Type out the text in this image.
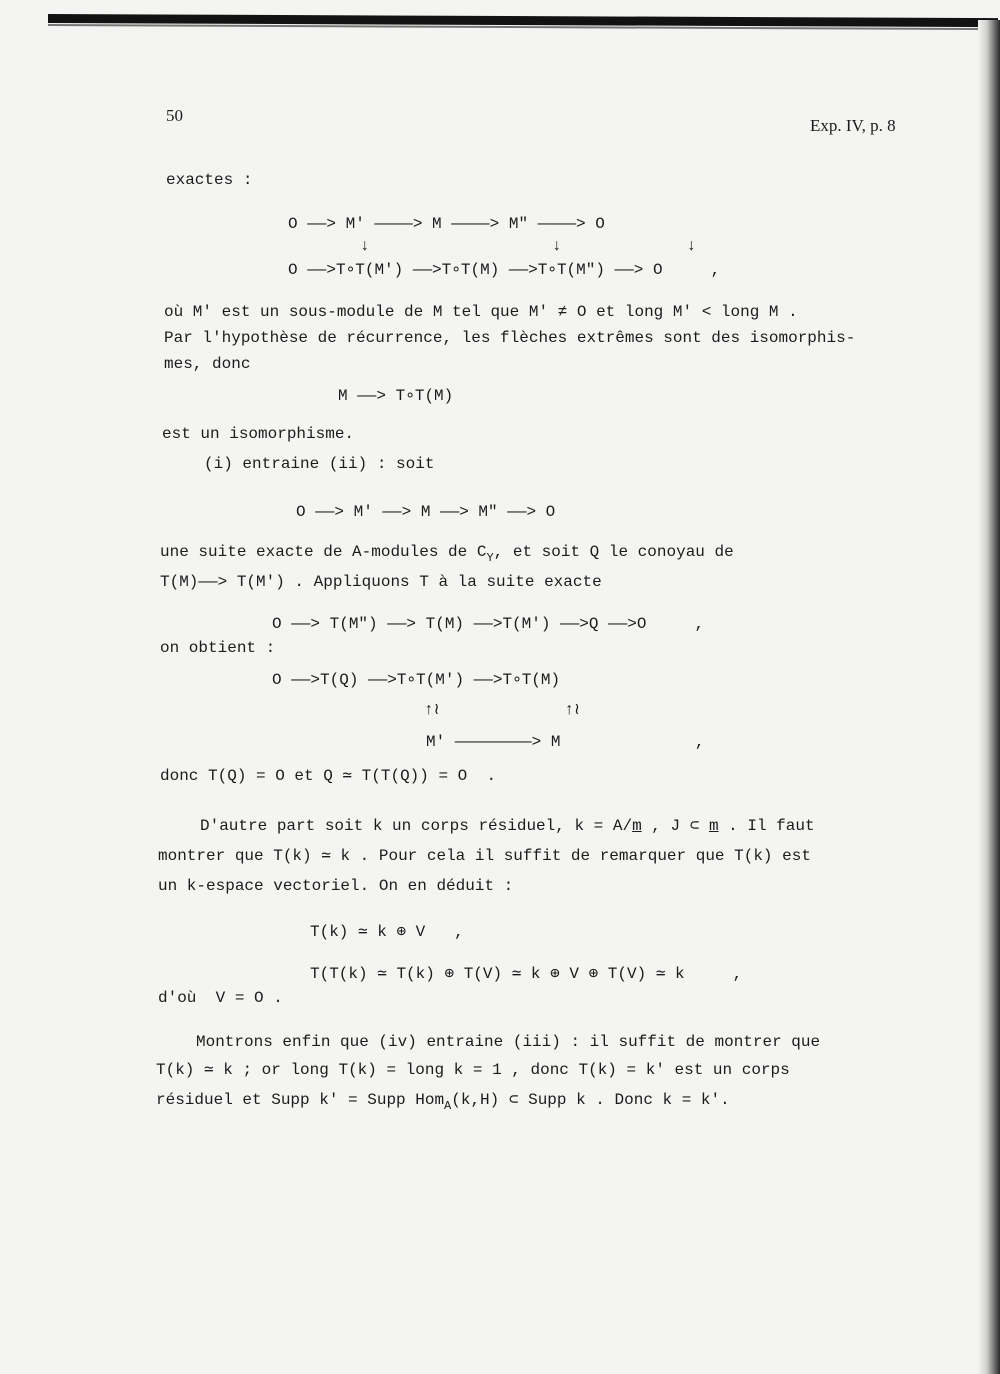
50
Exp. IV, p. 8
exactes :
O ——> M' ————> M ————> M" ————> O
↓                   ↓             ↓
O ——>T∘T(M') ——>T∘T(M) ——>T∘T(M") ——> O     ,
où M' est un sous-module de M tel que M' ≠ O et long M' < long M .
Par l'hypothèse de récurrence, les flèches extrêmes sont des isomorphis-
mes, donc
M ——> T∘T(M)
est un isomorphisme.
(i) entraine (ii) : soit
O ——> M' ——> M ——> M" ——> O
une suite exacte de A-modules de $C_Y$, et soit Q le conoyau de
T(M)——> T(M') . Appliquons T à la suite exacte
O ——> T(M") ——> T(M) ——>T(M') ——>Q ——>O     ,
on obtient :
O ——>T(Q) ——>T∘T(M') ——>T∘T(M)
↑≀             ↑≀
M' ————————> M              ,
donc T(Q) = O et Q ≃ T(T(Q)) = O  .
D'autre part soit k un corps résiduel, k = A/m , J ⊂ m . Il faut
montrer que T(k) ≃ k . Pour cela il suffit de remarquer que T(k) est
un k-espace vectoriel. On en déduit :
T(k) ≃ k ⊕ V   ,
T(T(k) ≃ T(k) ⊕ T(V) ≃ k ⊕ V ⊕ T(V) ≃ k     ,
d'où  V = O .
Montrons enfin que (iv) entraine (iii) : il suffit de montrer que
T(k) ≃ k ; or long T(k) = long k = 1 , donc T(k) = k' est un corps
résiduel et Supp k' = Supp Hom$_A$(k,H) ⊂ Supp k . Donc k = k'.
